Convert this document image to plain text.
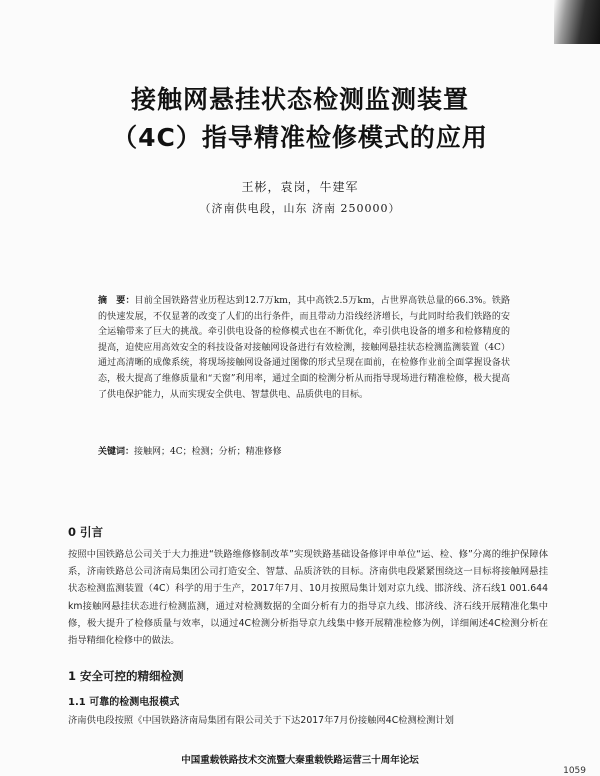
接触网悬挂状态检测监测装置
（4C）指导精准检修模式的应用
王彬，袁岗，牛建军
（济南供电段，山东 济南 250000）
摘　要：目前全国铁路营业历程达到12.7万km，其中高铁2.5万km，占世界高铁总量的66.3%。铁路的快速发展，不仅显著的改变了人们的出行条件，而且带动力沿线经济增长，与此同时给我们铁路的安全运输带来了巨大的挑战。牵引供电设备的检修模式也在不断优化，牵引供电设备的增多和检修精度的提高，迫使应用高效安全的科技设备对接触网设备进行有效检测，接触网悬挂状态检测监测装置（4C）通过高清晰的成像系统，将现场接触网设备通过图像的形式呈现在面前，在检修作业前全面掌握设备状态，极大提高了维修质量和“天窗”利用率，通过全面的检测分析从而指导现场进行精准检修，极大提高了供电保护能力，从而实现安全供电、智慧供电、品质供电的目标。
关键词：接触网；4C；检测；分析；精准修修
0 引言
按照中国铁路总公司关于大力推进“铁路维修修制改革”实现铁路基础设备修评申单位“运、检、修”分离的维护保障体系，济南铁路总公司济南局集团公司打造安全、智慧、品质济铁的目标。济南供电段紧紧围绕这一目标将接触网悬挂状态检测监测装置（4C）科学的用于生产，2017年7月、10月按照局集计划对京九线、邯济线、济石线1 001.644 km接触网悬挂状态进行检测监测，通过对检测数据的全面分析有力的指导京九线、邯济线、济石线开展精准化集中修，极大提升了检修质量与效率，以通过4C检测分析指导京九线集中修开展精准检修为例，详细阐述4C检测分析在指导精细化检修中的做法。
1 安全可控的精细检测
1.1 可靠的检测电报模式
济南供电段按照《中国铁路济南局集团有限公司关于下达2017年7月份接触网4C检测检测计划
中国重载铁路技术交流暨大秦重载铁路运营三十周年论坛
1059
